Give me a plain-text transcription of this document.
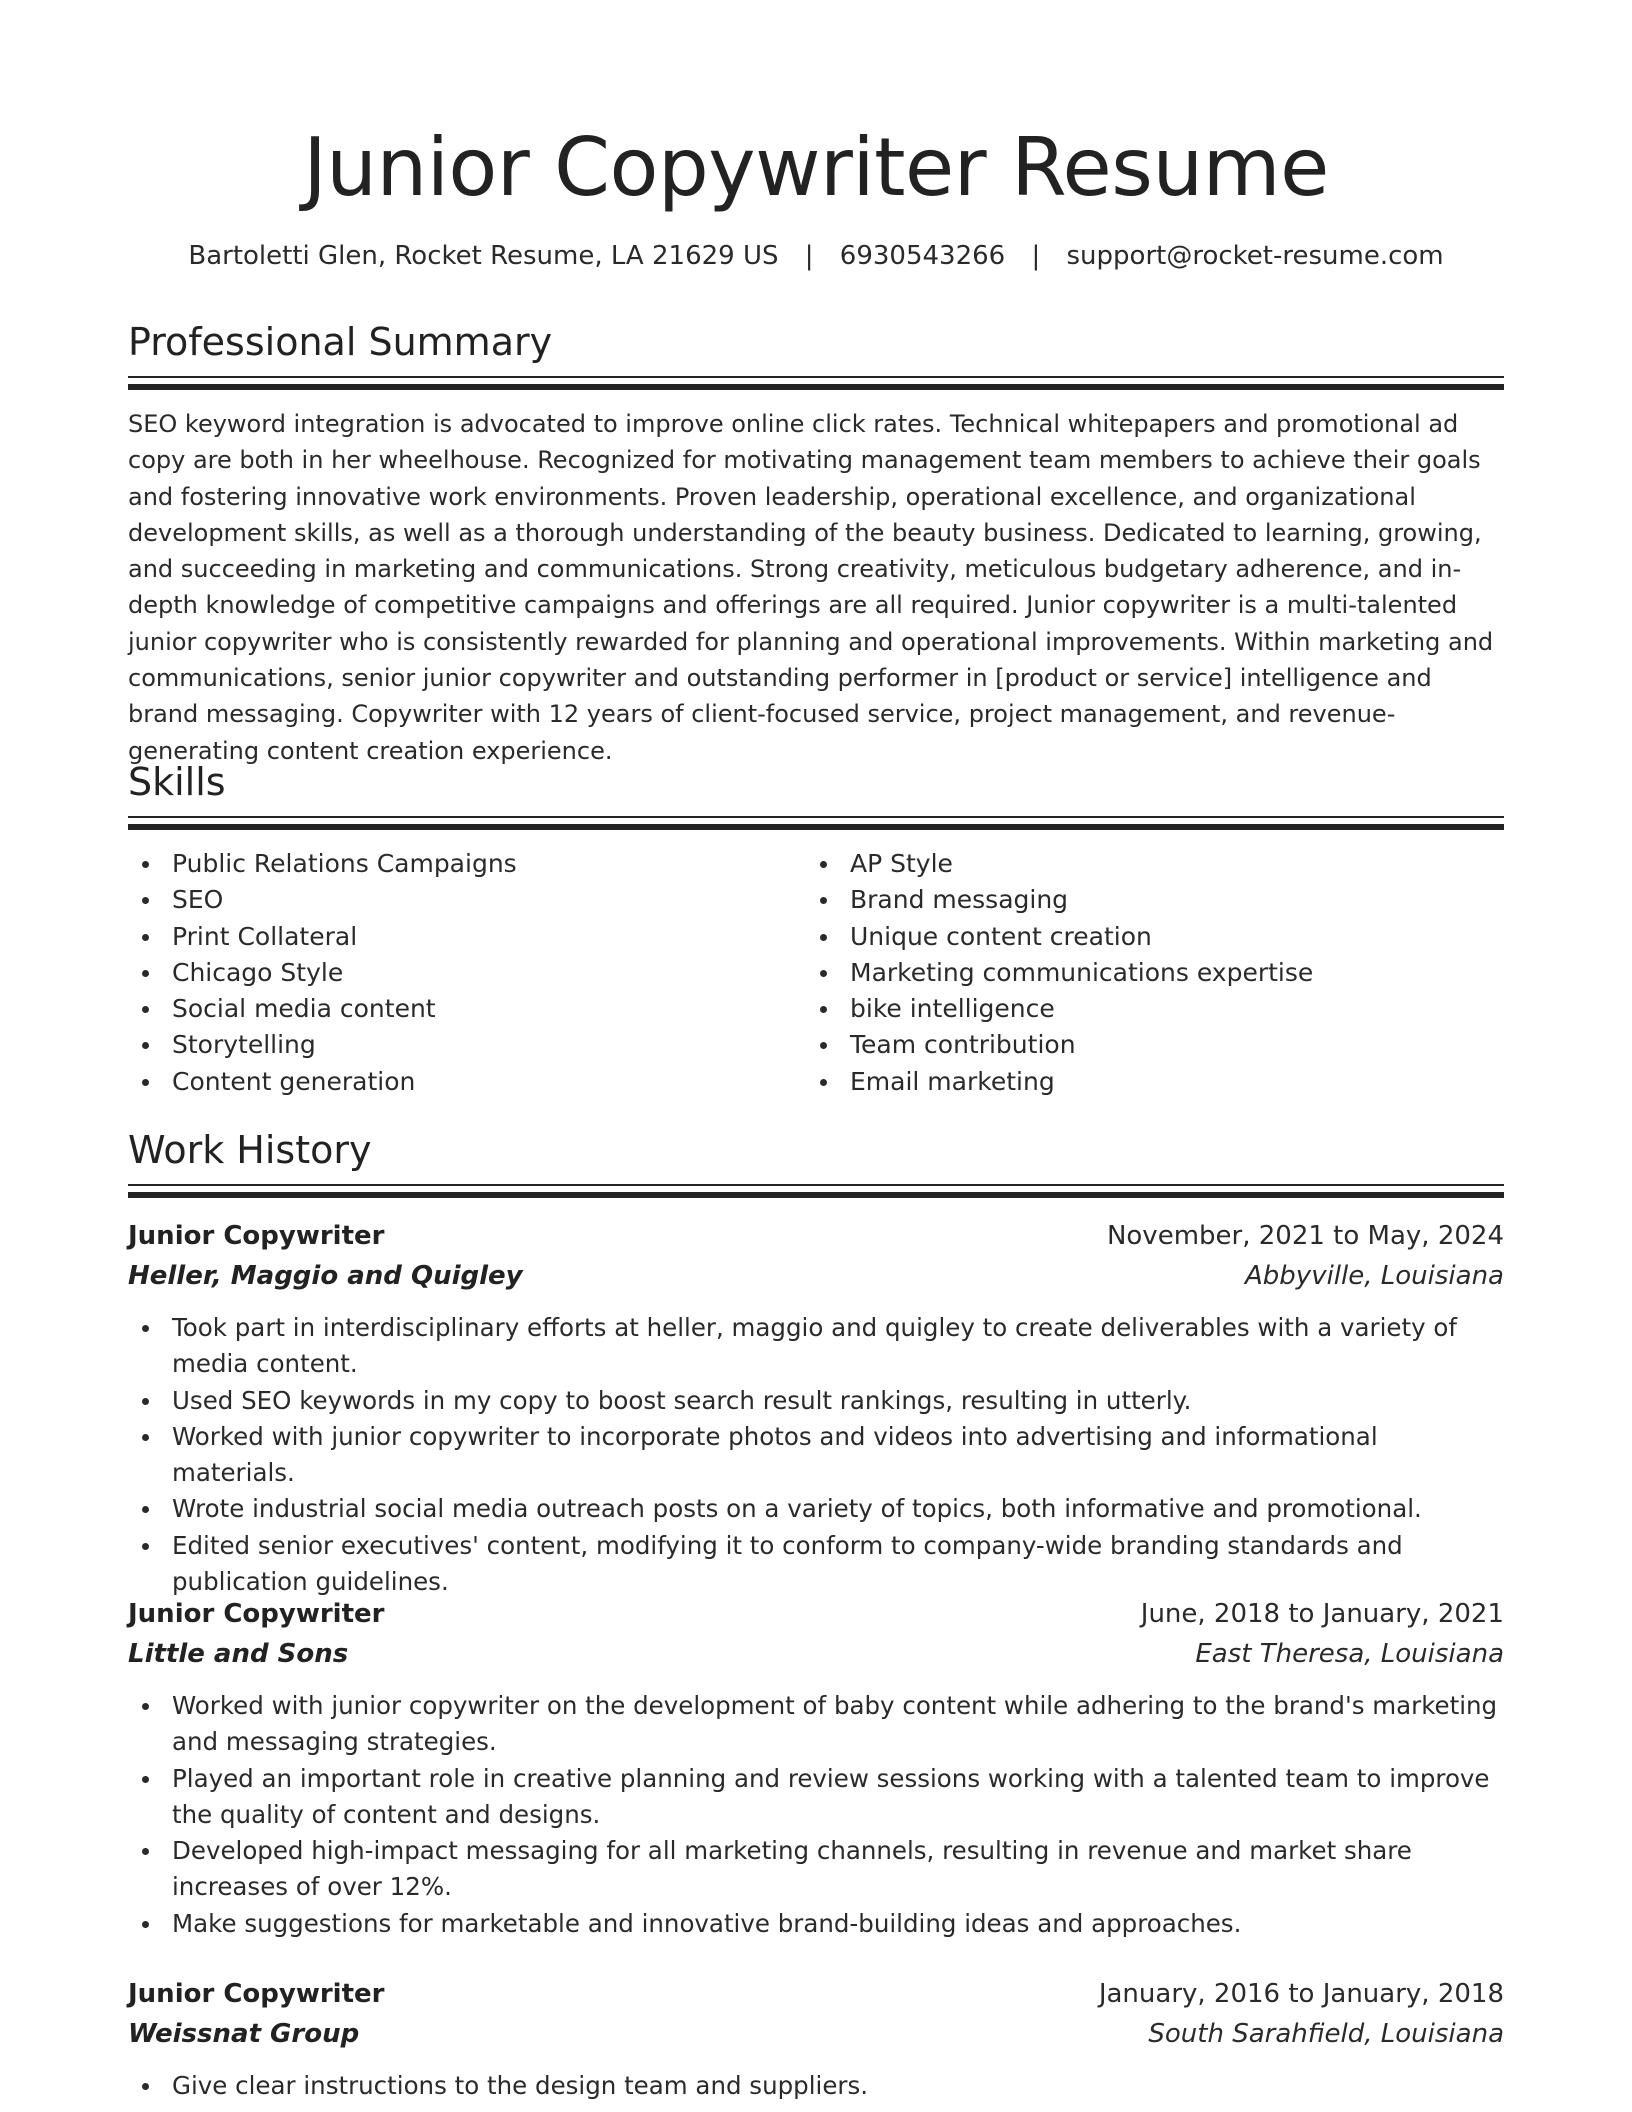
Junior Copywriter Resume
Bartoletti Glen, Rocket Resume, LA 21629 US | 6930543266 | support@rocket-resume.com
Professional Summary

SEO keyword integration is advocated to improve online click rates. Technical whitepapers and promotional ad copy are both in her wheelhouse. Recognized for motivating management team members to achieve their goals and fostering innovative work environments. Proven leadership, operational excellence, and organizational development skills, as well as a thorough understanding of the beauty business. Dedicated to learning, growing, and succeeding in marketing and communications. Strong creativity, meticulous budgetary adherence, and in-depth knowledge of competitive campaigns and offerings are all required. Junior copywriter is a multi-talented junior copywriter who is consistently rewarded for planning and operational improvements. Within marketing and communications, senior junior copywriter and outstanding performer in [product or service] intelligence and brand messaging. Copywriter with 12 years of client-focused service, project management, and revenue-generating content creation experience.

Skills
Public Relations Campaigns
SEO
Print Collateral
Chicago Style
Social media content
Storytelling
Content generation
AP Style
Brand messaging
Unique content creation
Marketing communications expertise
bike intelligence
Team contribution
Email marketing
Work History
Junior Copywriter	November, 2021 to May, 2024
Heller, Maggio and Quigley	Abbyville, Louisiana
Took part in interdisciplinary efforts at heller, maggio and quigley to create deliverables with a variety of media content.
Used SEO keywords in my copy to boost search result rankings, resulting in utterly.
Worked with junior copywriter to incorporate photos and videos into advertising and informational materials.
Wrote industrial social media outreach posts on a variety of topics, both informative and promotional.
Edited senior executives' content, modifying it to conform to company-wide branding standards and publication guidelines.
Junior Copywriter	June, 2018 to January, 2021
Little and Sons	East Theresa, Louisiana
Worked with junior copywriter on the development of baby content while adhering to the brand's marketing and messaging strategies.
Played an important role in creative planning and review sessions working with a talented team to improve the quality of content and designs.
Developed high-impact messaging for all marketing channels, resulting in revenue and market share increases of over 12%.
Make suggestions for marketable and innovative brand-building ideas and approaches.
Junior Copywriter	January, 2016 to January, 2018
Weissnat Group	South Sarahfield, Louisiana
Give clear instructions to the design team and suppliers.
